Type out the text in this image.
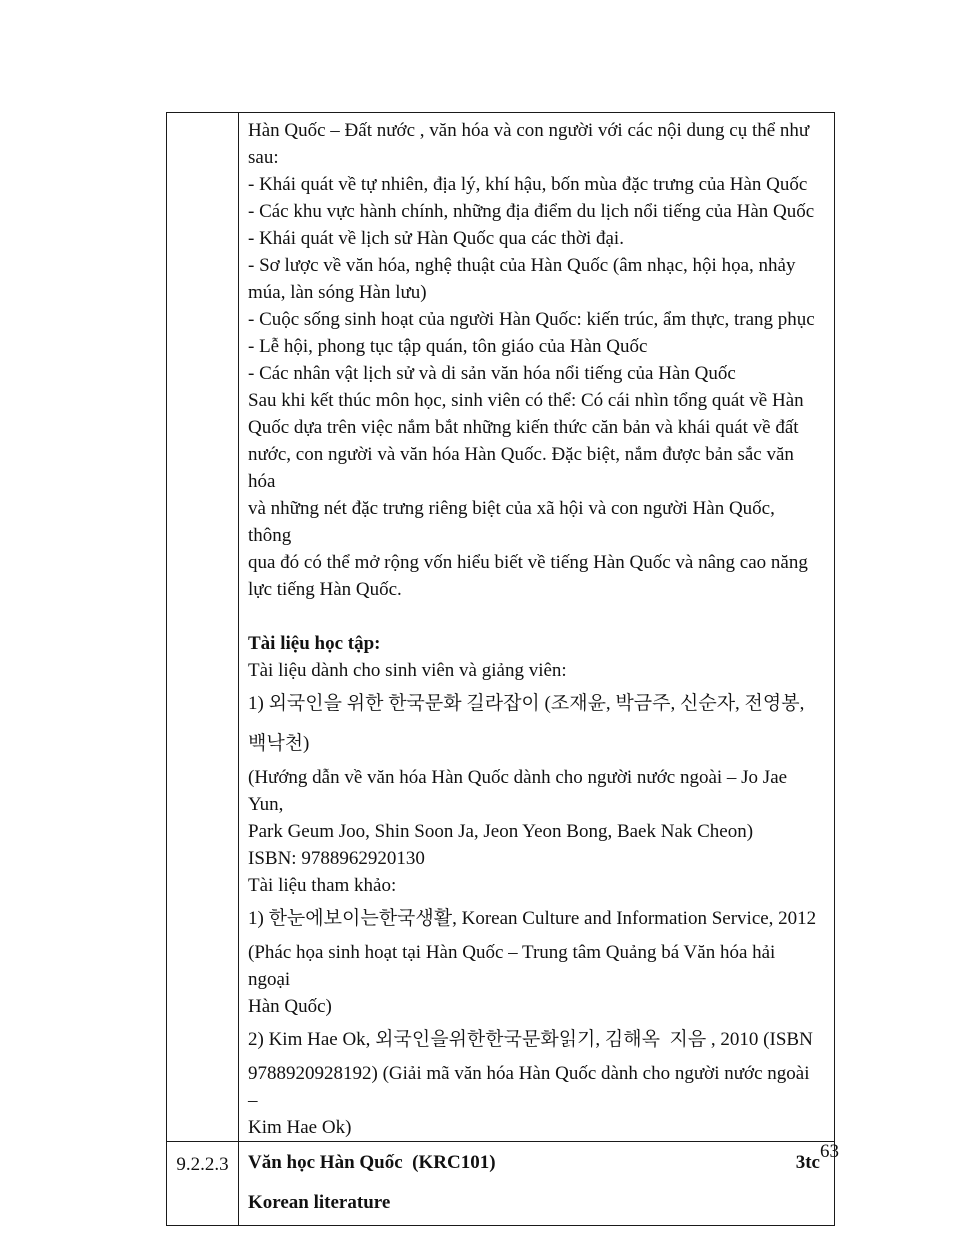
Hàn Quốc – Đất nước , văn hóa và con người với các nội dung cụ thể như
sau:
- Khái quát về tự nhiên, địa lý, khí hậu, bốn mùa đặc trưng của Hàn Quốc
- Các khu vực hành chính, những địa điểm du lịch nổi tiếng của Hàn Quốc
- Khái quát về lịch sử Hàn Quốc qua các thời đại.
- Sơ lược về văn hóa, nghệ thuật của Hàn Quốc (âm nhạc, hội họa, nhảy
múa, làn sóng Hàn lưu)
- Cuộc sống sinh hoạt của người Hàn Quốc: kiến trúc, ẩm thực, trang phục
- Lễ hội, phong tục tập quán, tôn giáo của Hàn Quốc
- Các nhân vật lịch sử và di sản văn hóa nổi tiếng của Hàn Quốc
Sau khi kết thúc môn học, sinh viên có thể: Có cái nhìn tổng quát về Hàn
Quốc dựa trên việc nắm bắt những kiến thức căn bản và khái quát về đất
nước, con người và văn hóa Hàn Quốc. Đặc biệt, nắm được bản sắc văn hóa
và những nét đặc trưng riêng biệt của xã hội và con người Hàn Quốc, thông
qua đó có thể mở rộng vốn hiểu biết về tiếng Hàn Quốc và nâng cao năng
lực tiếng Hàn Quốc.
Tài liệu học tập:
Tài liệu dành cho sinh viên và giảng viên:
1) 외국인을 위한 한국문화 길라잡이 (조재윤, 박금주, 신순자, 전영봉,
백낙천)
(Hướng dẫn về văn hóa Hàn Quốc dành cho người nước ngoài – Jo Jae Yun,
Park Geum Joo, Shin Soon Ja, Jeon Yeon Bong, Baek Nak Cheon)
ISBN: 9788962920130
Tài liệu tham khảo:
1) 한눈에보이는한국생활, Korean Culture and Information Service, 2012
(Phác họa sinh hoạt tại Hàn Quốc – Trung tâm Quảng bá Văn hóa hải ngoại
Hàn Quốc)
2) Kim Hae Ok, 외국인을위한한국문화읽기, 김해옥  지음 , 2010 (ISBN
9788920928192) (Giải mã văn hóa Hàn Quốc dành cho người nước ngoài –
Kim Hae Ok)
9.2.2.3	Văn học Hàn Quốc  (KRC101)	3tc
Korean literature
63
